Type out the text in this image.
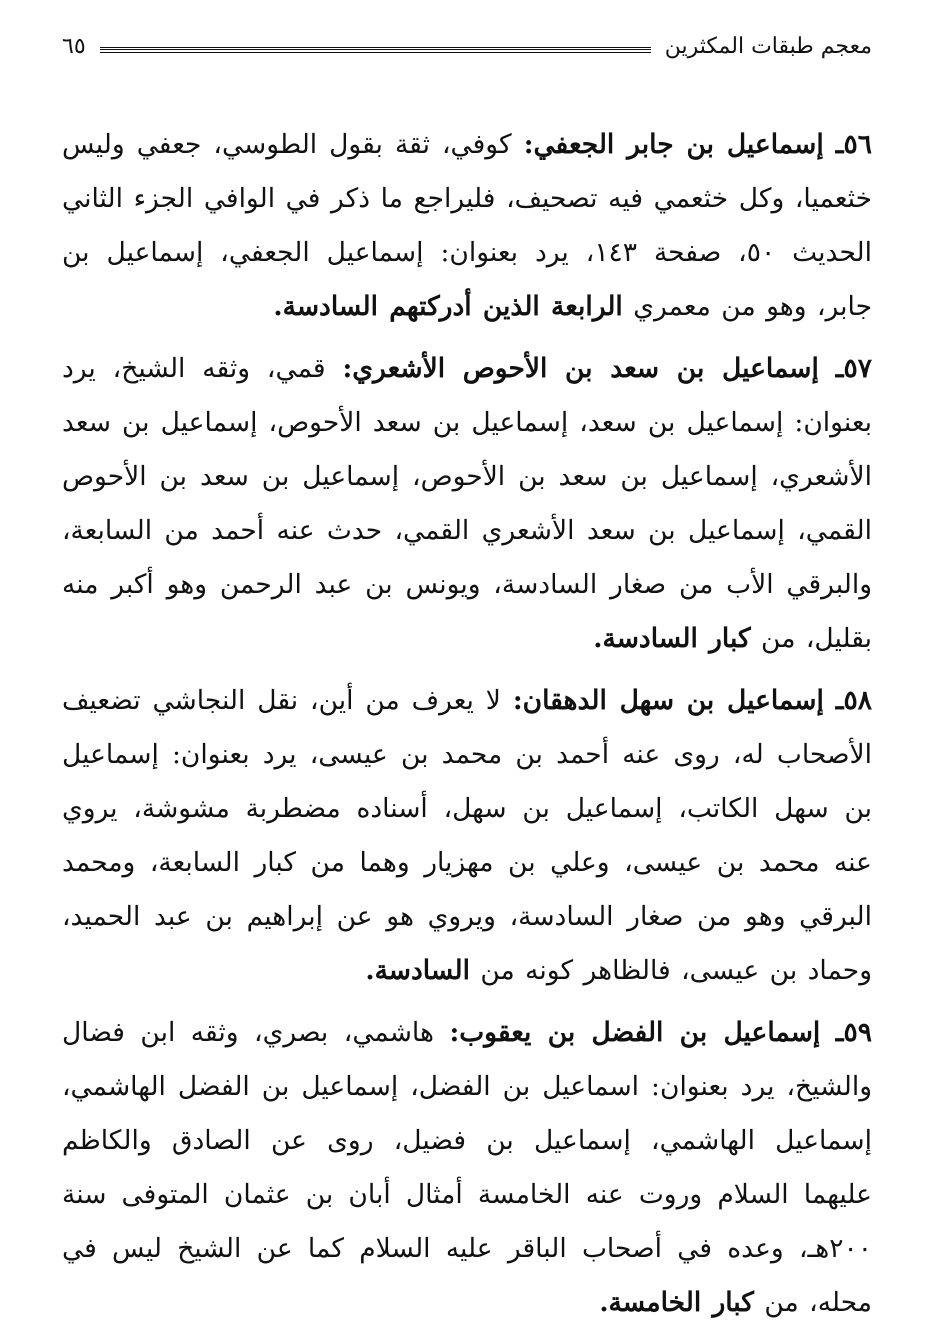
معجم طبقات المكثرين
٦٥

٥٦ـ إسماعيل بن جابر الجعفي: كوفي، ثقة بقول الطوسي، جعفي وليس خثعميا، وكل خثعمي فيه تصحيف، فليراجع ما ذكر في الوافي الجزء الثاني الحديث ٥٠، صفحة ١٤٣، يرد بعنوان: إسماعيل الجعفي، إسماعيل بن جابر، وهو من معمري الرابعة الذين أدركتهم السادسة.

٥٧ـ إسماعيل بن سعد بن الأحوص الأشعري: قمي، وثقه الشيخ، يرد بعنوان: إسماعيل بن سعد، إسماعيل بن سعد الأحوص، إسماعيل بن سعد الأشعري، إسماعيل بن سعد بن الأحوص، إسماعيل بن سعد بن الأحوص القمي، إسماعيل بن سعد الأشعري القمي، حدث عنه أحمد من السابعة، والبرقي الأب من صغار السادسة، ويونس بن عبد الرحمن وهو أكبر منه بقليل، من كبار السادسة.

٥٨ـ إسماعيل بن سهل الدهقان: لا يعرف من أين، نقل النجاشي تضعيف الأصحاب له، روى عنه أحمد بن محمد بن عيسى، يرد بعنوان: إسماعيل بن سهل الكاتب، إسماعيل بن سهل، أسناده مضطربة مشوشة، يروي عنه محمد بن عيسى، وعلي بن مهزيار وهما من كبار السابعة، ومحمد البرقي وهو من صغار السادسة، ويروي هو عن إبراهيم بن عبد الحميد، وحماد بن عيسى، فالظاهر كونه من السادسة.

٥٩ـ إسماعيل بن الفضل بن يعقوب: هاشمي، بصري، وثقه ابن فضال والشيخ، يرد بعنوان: اسماعيل بن الفضل، إسماعيل بن الفضل الهاشمي، إسماعيل الهاشمي، إسماعيل بن فضيل، روى عن الصادق والكاظم عليهما السلام وروت عنه الخامسة أمثال أبان بن عثمان المتوفى سنة ٢٠٠هـ، وعده في أصحاب الباقر عليه السلام كما عن الشيخ ليس في محله، من كبار الخامسة.
